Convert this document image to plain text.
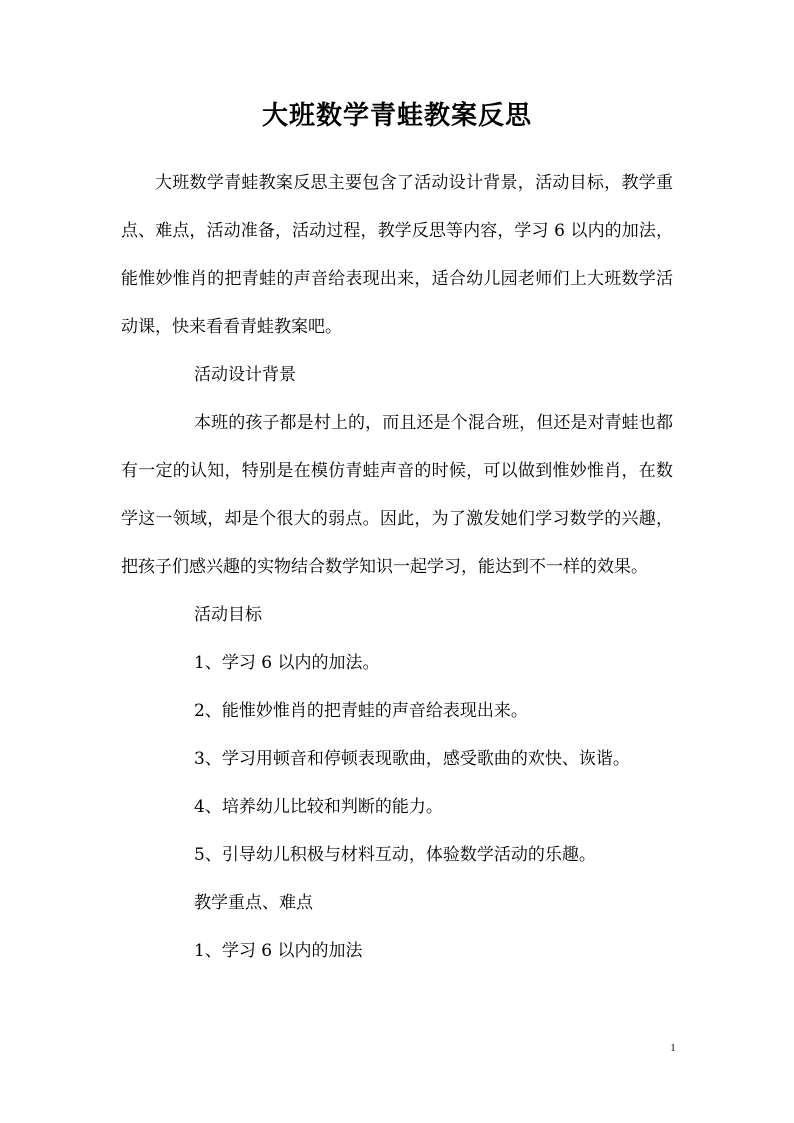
大班数学青蛙教案反思

大班数学青蛙教案反思主要包含了活动设计背景，活动目标，教学重点、难点，活动准备，活动过程，教学反思等内容，学习 6 以内的加法，能惟妙惟肖的把青蛙的声音给表现出来，适合幼儿园老师们上大班数学活动课，快来看看青蛙教案吧。

活动设计背景

本班的孩子都是村上的，而且还是个混合班，但还是对青蛙也都有一定的认知，特别是在模仿青蛙声音的时候，可以做到惟妙惟肖，在数学这一领域，却是个很大的弱点。因此，为了激发她们学习数学的兴趣，把孩子们感兴趣的实物结合数学知识一起学习，能达到不一样的效果。

活动目标

1、学习 6 以内的加法。

2、能惟妙惟肖的把青蛙的声音给表现出来。

3、学习用顿音和停顿表现歌曲，感受歌曲的欢快、诙谐。

4、培养幼儿比较和判断的能力。

5、引导幼儿积极与材料互动，体验数学活动的乐趣。

教学重点、难点

1、学习 6 以内的加法

1
